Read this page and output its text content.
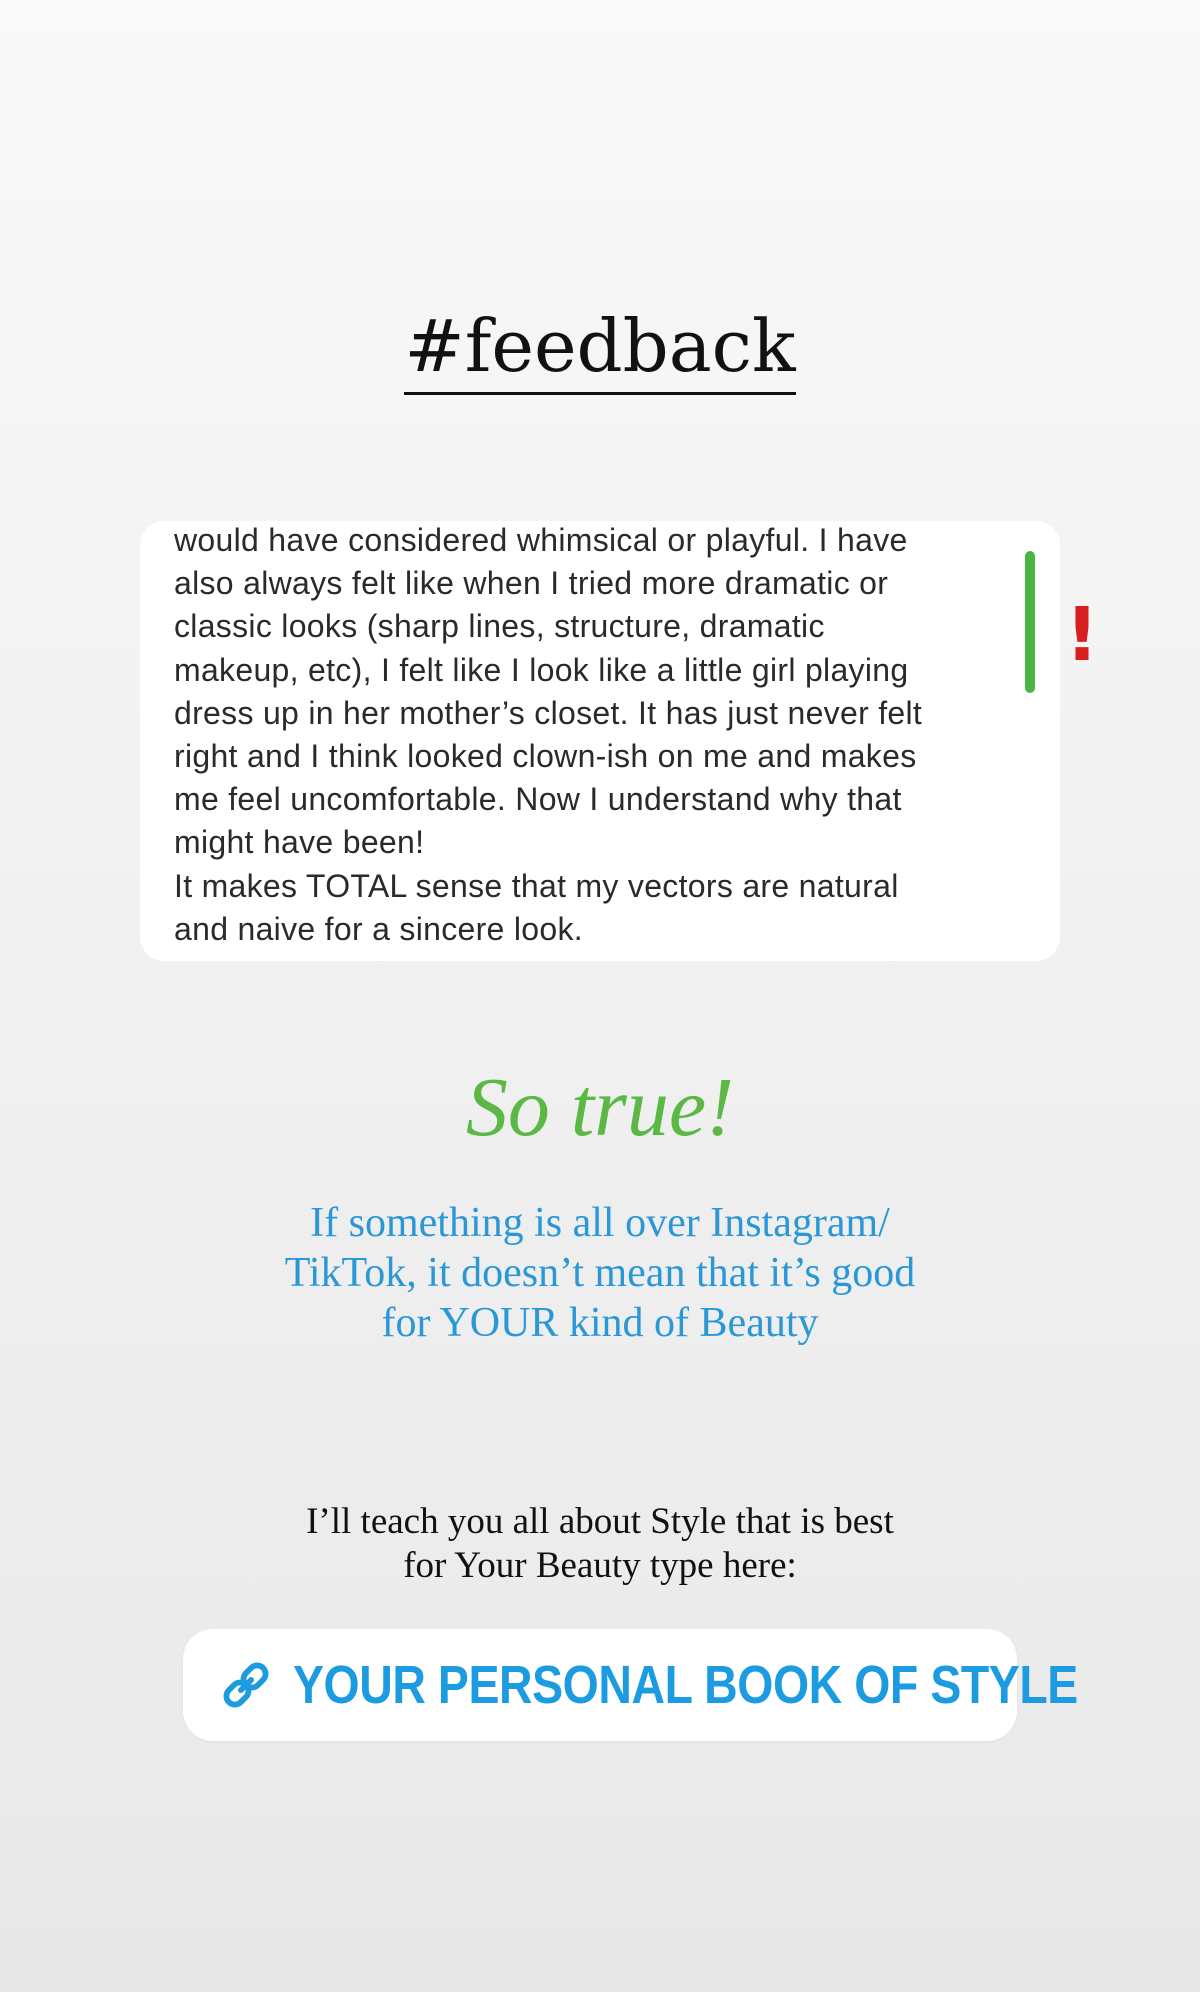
#feedback
would have considered whimsical or playful. I have
also always felt like when I tried more dramatic or
classic looks (sharp lines, structure, dramatic
makeup, etc), I felt like I look like a little girl playing
dress up in her mother’s closet. It has just never felt
right and I think looked clown-ish on me and makes
me feel uncomfortable. Now I understand why that
might have been!
It makes TOTAL sense that my vectors are natural
and naive for a sincere look.
!
So true!
If something is all over Instagram/
TikTok, it doesn’t mean that it’s good
for YOUR kind of Beauty
I’ll teach you all about Style that is best
for Your Beauty type here:
YOUR PERSONAL BOOK OF STYLE
